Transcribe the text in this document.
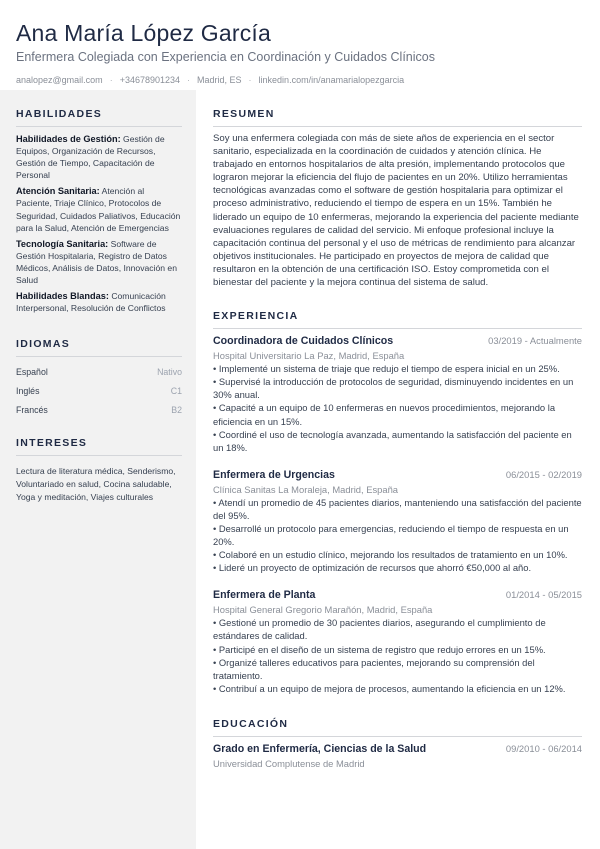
Ana María López García
Enfermera Colegiada con Experiencia en Coordinación y Cuidados Clínicos
analopez@gmail.com · +34678901234 · Madrid, ES · linkedin.com/in/anamarialopezgarcia
HABILIDADES
Habilidades de Gestión: Gestión de Equipos, Organización de Recursos, Gestión de Tiempo, Capacitación de Personal
Atención Sanitaria: Atención al Paciente, Triaje Clínico, Protocolos de Seguridad, Cuidados Paliativos, Educación para la Salud, Atención de Emergencias
Tecnología Sanitaria: Software de Gestión Hospitalaria, Registro de Datos Médicos, Análisis de Datos, Innovación en Salud
Habilidades Blandas: Comunicación Interpersonal, Resolución de Conflictos
IDIOMAS
Español	Nativo
Inglés	C1
Francés	B2
INTERESES
Lectura de literatura médica, Senderismo, Voluntariado en salud, Cocina saludable, Yoga y meditación, Viajes culturales
RESUMEN
Soy una enfermera colegiada con más de siete años de experiencia en el sector sanitario, especializada en la coordinación de cuidados y atención clínica. He trabajado en entornos hospitalarios de alta presión, implementando protocolos que lograron mejorar la eficiencia del flujo de pacientes en un 20%. Utilizo herramientas tecnológicas avanzadas como el software de gestión hospitalaria para optimizar el proceso administrativo, reduciendo el tiempo de espera en un 15%. También he liderado un equipo de 10 enfermeras, mejorando la experiencia del paciente mediante evaluaciones regulares de calidad del servicio. Mi enfoque profesional incluye la capacitación continua del personal y el uso de métricas de rendimiento para alcanzar objetivos institucionales. He participado en proyectos de mejora de calidad que resultaron en la obtención de una certificación ISO. Estoy comprometida con el bienestar del paciente y la mejora continua del sistema de salud.
EXPERIENCIA
Coordinadora de Cuidados Clínicos	03/2019 - Actualmente
Hospital Universitario La Paz, Madrid, España
• Implementé un sistema de triaje que redujo el tiempo de espera inicial en un 25%.
• Supervisé la introducción de protocolos de seguridad, disminuyendo incidentes en un 30% anual.
• Capacité a un equipo de 10 enfermeras en nuevos procedimientos, mejorando la eficiencia en un 15%.
• Coordiné el uso de tecnología avanzada, aumentando la satisfacción del paciente en un 18%.
Enfermera de Urgencias	06/2015 - 02/2019
Clínica Sanitas La Moraleja, Madrid, España
• Atendí un promedio de 45 pacientes diarios, manteniendo una satisfacción del paciente del 95%.
• Desarrollé un protocolo para emergencias, reduciendo el tiempo de respuesta en un 20%.
• Colaboré en un estudio clínico, mejorando los resultados de tratamiento en un 10%.
• Lideré un proyecto de optimización de recursos que ahorró €50,000 al año.
Enfermera de Planta	01/2014 - 05/2015
Hospital General Gregorio Marañón, Madrid, España
• Gestioné un promedio de 30 pacientes diarios, asegurando el cumplimiento de estándares de calidad.
• Participé en el diseño de un sistema de registro que redujo errores en un 15%.
• Organizé talleres educativos para pacientes, mejorando su comprensión del tratamiento.
• Contribuí a un equipo de mejora de procesos, aumentando la eficiencia en un 12%.
EDUCACIÓN
Grado en Enfermería, Ciencias de la Salud	09/2010 - 06/2014
Universidad Complutense de Madrid
